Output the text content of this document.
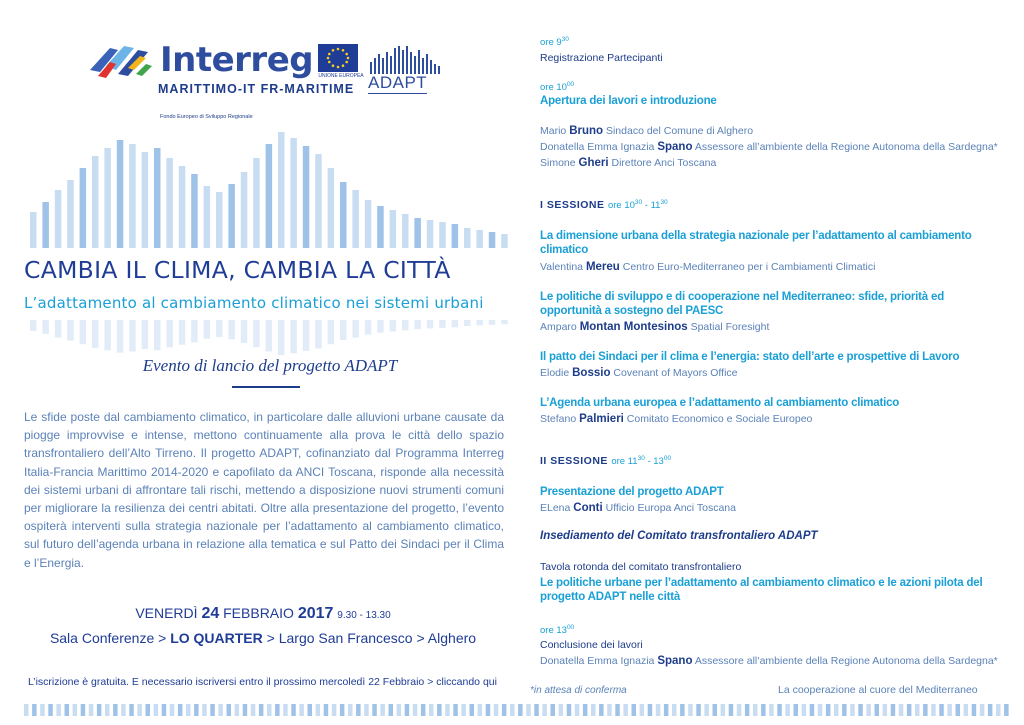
Interreg	UNIONE EUROPEA ADAPT
MARITTIMO-IT FR-MARITIME
Fondo Europeo di Sviluppo Regionale
CAMBIA IL CLIMA, CAMBIA LA CITTÀ
L’adattamento al cambiamento climatico nei sistemi urbani
Evento di lancio del progetto ADAPT

Le sfide poste dal cambiamento climatico, in particolare dalle alluvioni urbane causate da piogge improvvise e intense, mettono continuamente alla prova le città dello spazio transfrontaliero dell’Alto Tirreno. Il progetto ADAPT, cofinanziato dal Programma Interreg Italia-Francia Marittimo 2014-2020 e capofilato da ANCI Toscana, risponde alla necessità dei sistemi urbani di affrontare tali rischi, mettendo a disposizione nuovi strumenti comuni per migliorare la resilienza dei centri abitati. Oltre alla presentazione del progetto, l’evento ospiterà interventi sulla strategia nazionale per l’adattamento al cambiamento climatico, sul futuro dell’agenda urbana in relazione alla tematica e sul Patto dei Sindaci per il Clima e l’Energia.

VENERDÌ 24 FEBBRAIO 2017 9.30 - 13.30
Sala Conferenze > LO QUARTER > Largo San Francesco > Alghero
L’iscrizione è gratuita. E necessario iscriversi entro il prossimo mercoledì 22 Febbraio > cliccando qui
ore $9^{30}$
Registrazione Partecipanti
ore $10^{00}$
Apertura dei lavori e introduzione
Mario Bruno Sindaco del Comune di Alghero
Donatella Emma Ignazia Spano Assessore all’ambiente della Regione Autonoma della Sardegna*
Simone Gheri Direttore Anci Toscana
I SESSIONE ore $10^{30} - 11^{30}$
La dimensione urbana della strategia nazionale per l’adattamento al cambiamento climatico
Valentina Mereu Centro Euro-Mediterraneo per i Cambiamenti Climatici
Le politiche di sviluppo e di cooperazione nel Mediterraneo: sfide, priorità ed opportunità a sostegno del PAESC
Amparo Montan Montesinos Spatial Foresight
Il patto dei Sindaci per il clima e l’energia: stato dell’arte e prospettive di Lavoro
Elodie Bossio Covenant of Mayors Office
L’Agenda urbana europea e l’adattamento al cambiamento climatico
Stefano Palmieri Comitato Economico e Sociale Europeo
II SESSIONE ore $11^{30} - 13^{00}$
Presentazione del progetto ADAPT
ELena Conti Ufficio Europa Anci Toscana
Insediamento del Comitato transfrontaliero ADAPT
Tavola rotonda del comitato transfrontaliero
Le politiche urbane per l’adattamento al cambiamento climatico e le azioni pilota del progetto ADAPT nelle città
ore $13^{00}$
Conclusione dei lavori
Donatella Emma Ignazia Spano Assessore all’ambiente della Regione Autonoma della Sardegna*
*in attesa di conferma	La cooperazione al cuore del Mediterraneo
